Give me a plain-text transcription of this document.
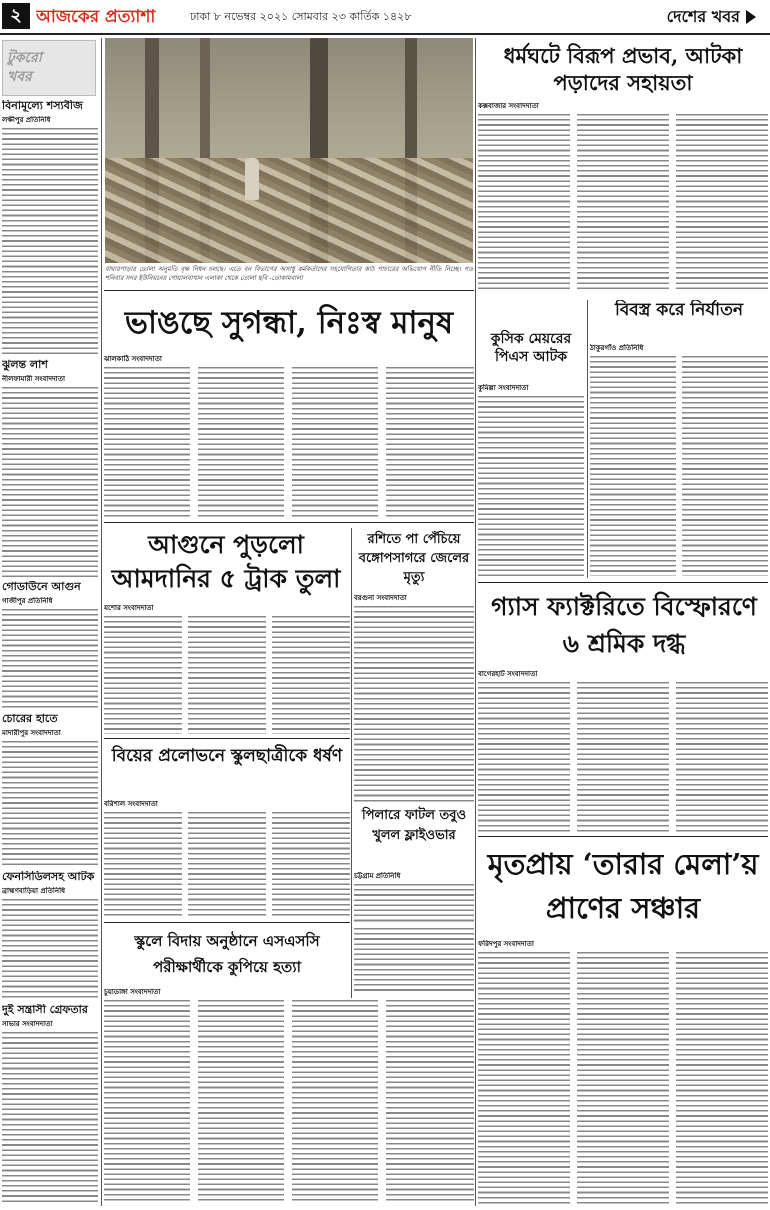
২ আজকের প্রত্যাশা	ঢাকা ৮ নভেম্বর ২০২১ সোমবার ২৩ কার্তিক ১৪২৮	দেশের খবর
টুকরো খবর
বিনামূল্যে শস্যবীজ
লক্ষীপুর প্রতিনিধি
ঝুলন্ত লাশ
নীলফামারী সংবাদদাতা
গোডাউনে আগুন
গাজীপুর প্রতিনিধি
চোরের হাতে
মাদারীপুর সংবাদদাতা
ফেনসিডিলসহ আটক
ব্রাহ্মণবাড়িয়া প্রতিনিধি
দুই সন্ত্রাসী গ্রেফতার
সাভার সংবাদদাতা
বাঘারপাড়ার ভোলা অনুমতি বৃক্ষ নিধন চলছে। এতে বন বিভাগের অসাধু কর্মকর্তাদের সহযোগিতার কাঠ পাচারের অভিযোগ নীতি নিচ্ছে। গত শনিবার সদর ইউনিয়নের গোয়ালবাথান এলাকা থেকে তোলা ছবি -তোকামবালা
ধর্মঘটে বিরূপ প্রভাব, আটকা পড়াদের সহায়তা
কক্সবাজার সংবাদদাতা
ভাঙছে সুগন্ধা, নিঃস্ব মানুষ
ঝালকাঠি সংবাদদাতা
কুসিক মেয়রের পিএস আটক
কুমিল্লা সংবাদদাতা
বিবস্ত্র করে নির্যাতন
ঠাকুরগাঁও প্রতিনিধি
আগুনে পুড়লো আমদানির ৫ ট্রাক তুলা
যশোর সংবাদদাতা
রশিতে পা পেঁচিয়ে বঙ্গোপসাগরে জেলের মৃত্যু
বরগুনা সংবাদদাতা	গ্যাস ফ্যাক্টরিতে বিস্ফোরণে ৬ শ্রমিক দগ্ধ
বাগেরহাট সংবাদদাতা
বিয়ের প্রলোভনে স্কুলছাত্রীকে ধর্ষণ
বরিশাল সংবাদদাতা
পিলারে ফাটল তবুও খুলল ফ্লাইওভার
চট্টগ্রাম প্রতিনিধি
স্কুলে বিদায় অনুষ্ঠানে এসএসসি পরীক্ষার্থীকে কুপিয়ে হত্যা
চুয়াডাঙ্গা সংবাদদাতা
মৃতপ্রায় ‘তারার মেলা’য় প্রাণের সঞ্চার
ফরিদপুর সংবাদদাতা
